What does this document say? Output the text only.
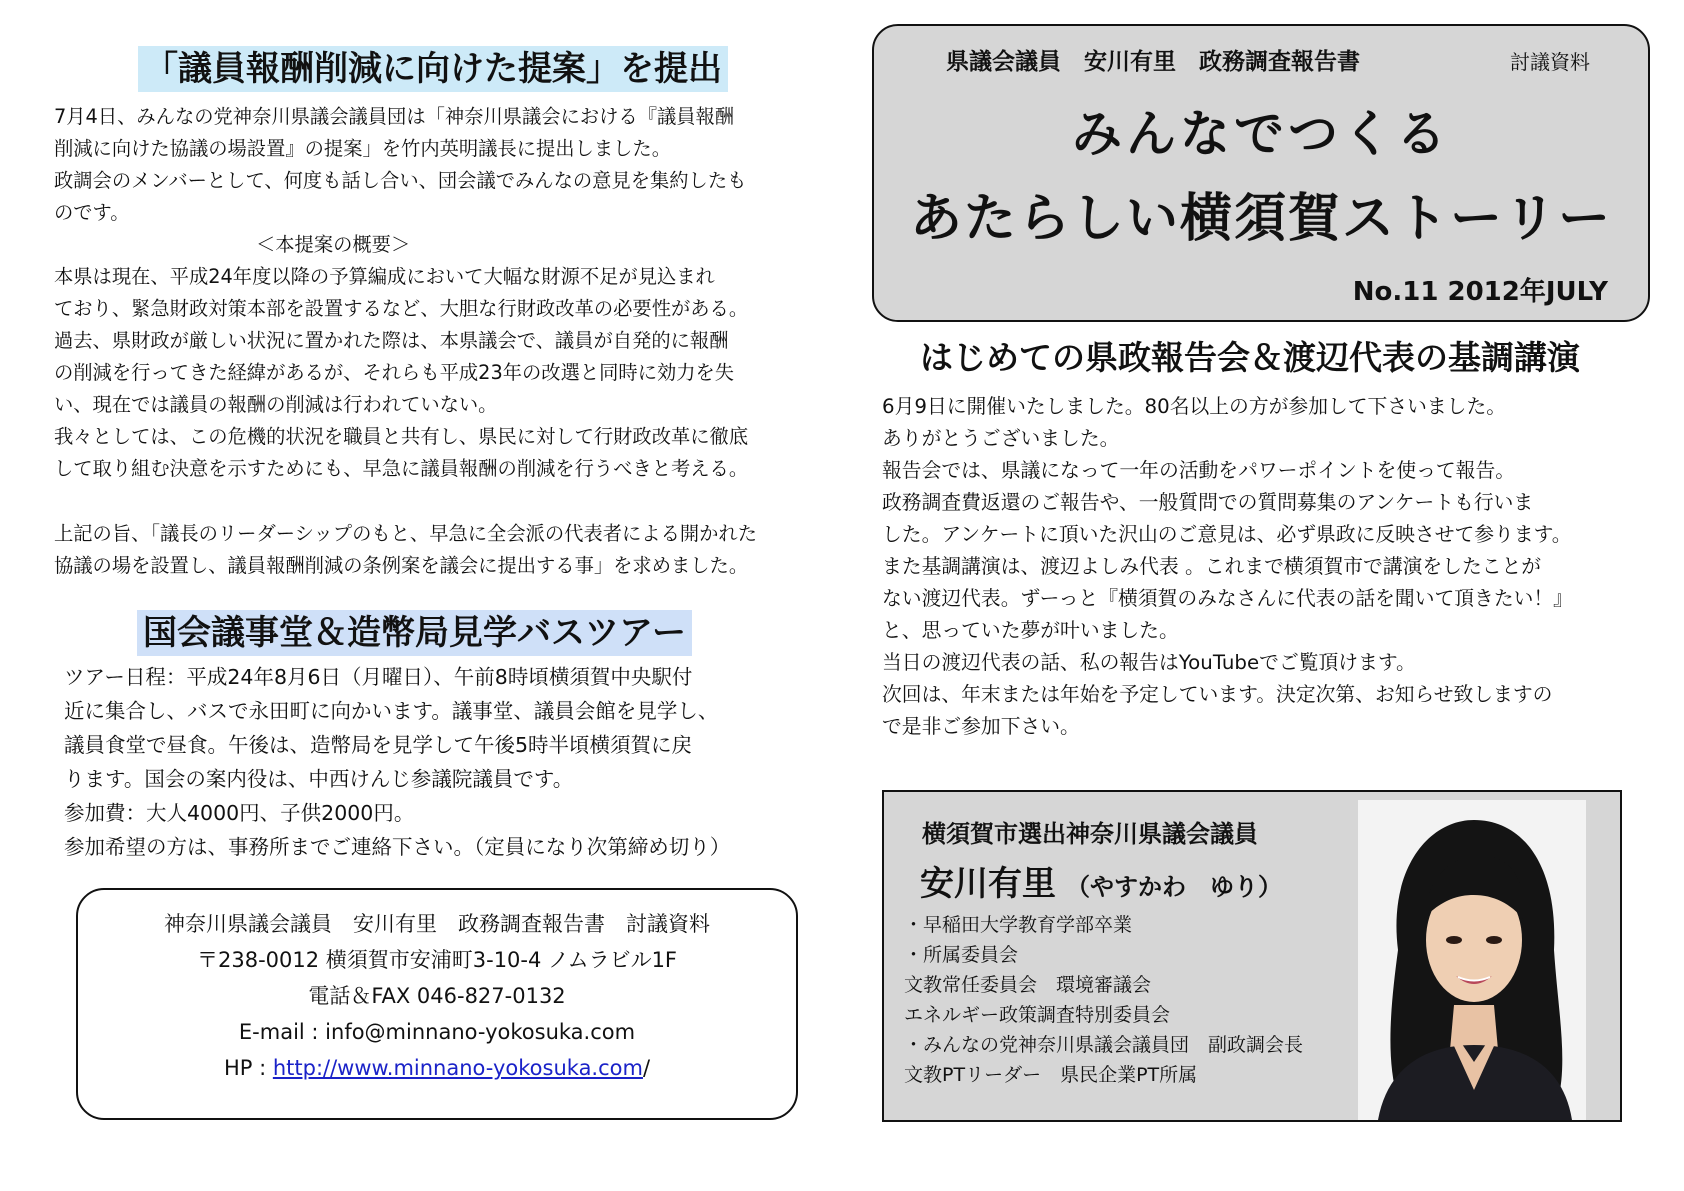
「議員報酬削減に向けた提案」を提出
7月4日、みんなの党神奈川県議会議員団は「神奈川県議会における『議員報酬
削減に向けた協議の場設置』の提案」を竹内英明議長に提出しました。
政調会のメンバーとして、何度も話し合い、団会議でみんなの意見を集約したも
のです。
＜本提案の概要＞
本県は現在、平成24年度以降の予算編成において大幅な財源不足が見込まれ
ており、緊急財政対策本部を設置するなど、大胆な行財政改革の必要性がある。
過去、県財政が厳しい状況に置かれた際は、本県議会で、議員が自発的に報酬
の削減を行ってきた経緯があるが、それらも平成23年の改選と同時に効力を失
い、現在では議員の報酬の削減は行われていない。
我々としては、この危機的状況を職員と共有し、県民に対して行財政改革に徹底
して取り組む決意を示すためにも、早急に議員報酬の削減を行うべきと考える。
上記の旨、「議長のリーダーシップのもと、早急に全会派の代表者による開かれた
協議の場を設置し、議員報酬削減の条例案を議会に提出する事」を求めました。
国会議事堂＆造幣局見学バスツアー
ツアー日程：平成24年8月6日（月曜日）、午前8時頃横須賀中央駅付
近に集合し、バスで永田町に向かいます。議事堂、議員会館を見学し、
議員食堂で昼食。午後は、造幣局を見学して午後5時半頃横須賀に戻
ります。国会の案内役は、中西けんじ参議院議員です。
参加費：大人4000円、子供2000円。
参加希望の方は、事務所までご連絡下さい。（定員になり次第締め切り）
神奈川県議会議員　安川有里　政務調査報告書　討議資料
〒238-0012 横須賀市安浦町3-10-4 ノムラビル1F
電話＆FAX 046-827-0132
E-mail : info@minnano-yokosuka.com
HP : http://www.minnano-yokosuka.com/
県議会議員　安川有里　政務調査報告書	討議資料
みんなでつくる
あたらしい横須賀ストーリー
No.11 2012年JULY
はじめての県政報告会＆渡辺代表の基調講演
6月9日に開催いたしました。80名以上の方が参加して下さいました。
ありがとうございました。
報告会では、県議になって一年の活動をパワーポイントを使って報告。
政務調査費返還のご報告や、一般質問での質問募集のアンケートも行いま
した。アンケートに頂いた沢山のご意見は、必ず県政に反映させて参ります。
また基調講演は、渡辺よしみ代表 。これまで横須賀市で講演をしたことが
ない渡辺代表。ずーっと『横須賀のみなさんに代表の話を聞いて頂きたい！』
と、思っていた夢が叶いました。
当日の渡辺代表の話、私の報告はYouTubeでご覧頂けます。
次回は、年末または年始を予定しています。決定次第、お知らせ致しますの
で是非ご参加下さい。
横須賀市選出神奈川県議会議員
安川有里 （やすかわ　ゆり）
・早稲田大学教育学部卒業
・所属委員会
文教常任委員会　環境審議会
エネルギー政策調査特別委員会
・みんなの党神奈川県議会議員団　副政調会長
文教PTリーダー　県民企業PT所属
